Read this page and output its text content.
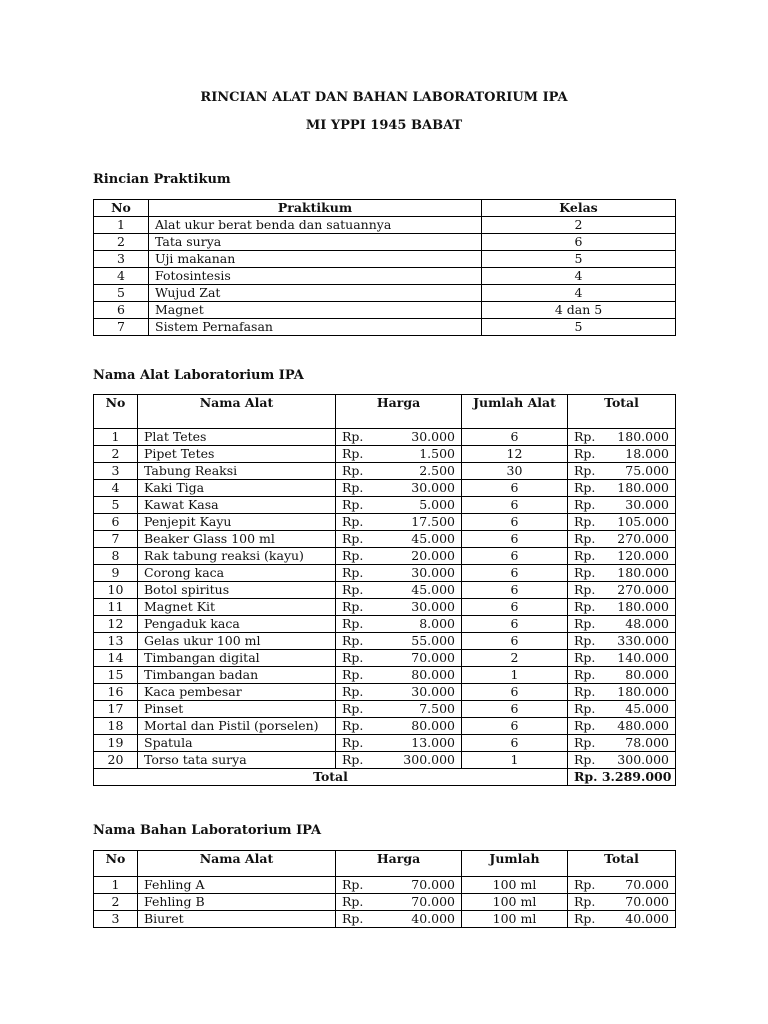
RINCIAN ALAT DAN BAHAN LABORATORIUM IPA
MI YPPI 1945 BABAT
Rincian Praktikum
No	Praktikum	Kelas
1	Alat ukur berat benda dan satuannya	2
2	Tata surya	6
3	Uji makanan	5
4	Fotosintesis	4
5	Wujud Zat	4
6	Magnet	4 dan 5
7	Sistem Pernafasan	5
Nama Alat Laboratorium IPA
No	Nama Alat	Harga	Jumlah Alat	Total
1	Plat Tetes	Rp. 30.000	6	Rp. 180.000

2	Pipet Tetes	Rp. 1.500	12	Rp. 18.000

3	Tabung Reaksi	Rp. 2.500	30	Rp. 75.000

4	Kaki Tiga	Rp. 30.000	6	Rp. 180.000

5	Kawat Kasa	Rp. 5.000	6	Rp. 30.000

6	Penjepit Kayu	Rp. 17.500	6	Rp. 105.000

7	Beaker Glass 100 ml	Rp. 45.000	6	Rp. 270.000

8	Rak tabung reaksi (kayu)	Rp. 20.000	6	Rp. 120.000

9	Corong kaca	Rp. 30.000	6	Rp. 180.000

10	Botol spiritus	Rp. 45.000	6	Rp. 270.000

11	Magnet Kit	Rp. 30.000	6	Rp. 180.000

12	Pengaduk kaca	Rp. 8.000	6	Rp. 48.000

13	Gelas ukur 100 ml	Rp. 55.000	6	Rp. 330.000

14	Timbangan digital	Rp. 70.000	2	Rp. 140.000

15	Timbangan badan	Rp. 80.000	1	Rp. 80.000

16	Kaca pembesar	Rp. 30.000	6	Rp. 180.000

17	Pinset	Rp. 7.500	6	Rp. 45.000

18	Mortal dan Pistil (porselen)	Rp. 80.000	6	Rp. 480.000

19	Spatula	Rp. 13.000	6	Rp. 78.000

20	Torso tata surya	Rp. 300.000	1	Rp. 300.000

Total				Rp. 3.289.000
Nama Bahan Laboratorium IPA
No	Nama Alat	Harga	Jumlah	Total
1	Fehling A	Rp. 70.000	100 ml	Rp. 70.000

2	Fehling B	Rp. 70.000	100 ml	Rp. 70.000

3	Biuret	Rp. 40.000	100 ml	Rp. 40.000
